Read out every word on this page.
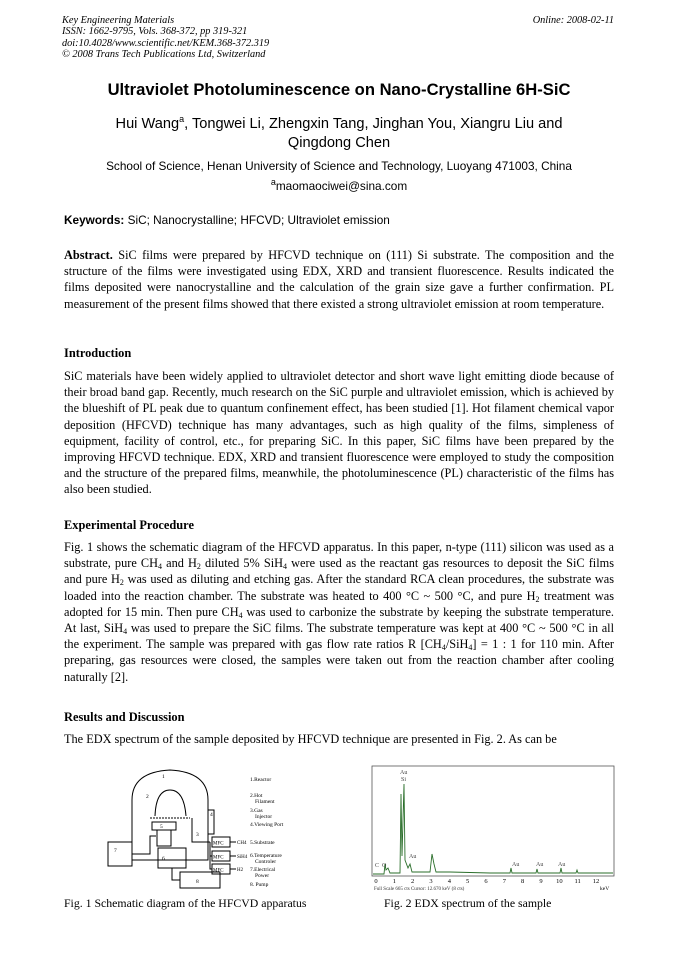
Key Engineering Materials
ISSN: 1662-9795, Vols. 368-372, pp 319-321
doi:10.4028/www.scientific.net/KEM.368-372.319
© 2008 Trans Tech Publications Ltd, Switzerland
Online: 2008-02-11
Ultraviolet Photoluminescence on Nano-Crystalline 6H-SiC
Hui Wang$^a$, Tongwei Li, Zhengxin Tang, Jinghan You, Xiangru Liu and
Qingdong Chen
School of Science, Henan University of Science and Technology, Luoyang 471003, China
$^a$maomaociwei@sina.com
Keywords: SiC; Nanocrystalline; HFCVD; Ultraviolet emission

Abstract. SiC films were prepared by HFCVD technique on (111) Si substrate. The composition and the structure of the films were investigated using EDX, XRD and transient fluorescence. Results indicated the films deposited were nanocrystalline and the calculation of the grain size gave a further confirmation. PL measurement of the present films showed that there existed a strong ultraviolet emission at room temperature.

Introduction

SiC materials have been widely applied to ultraviolet detector and short wave light emitting diode because of their broad band gap. Recently, much research on the SiC purple and ultraviolet emission, which is achieved by the blueshift of PL peak due to quantum confinement effect, has been studied [1]. Hot filament chemical vapor deposition (HFCVD) technique has many advantages, such as high quality of the films, simpleness of equipment, facility of control, etc., for preparing SiC. In this paper, SiC films have been prepared by the improving HFCVD technique. EDX, XRD and transient fluorescence were employed to study the composition and the structure of the prepared films, meanwhile, the photoluminescence (PL) characteristic of the films has also been studied.

Experimental Procedure

Fig. 1 shows the schematic diagram of the HFCVD apparatus. In this paper, n-type (111) silicon was used as a substrate, pure $CH_4$ and $H_2$ diluted 5% SiH$_4$ were used as the reactant gas resources to deposit the SiC films and pure $H_2$ was used as diluting and etching gas. After the standard RCA clean procedures, the substrate was loaded into the reaction chamber. The substrate was heated to 400 °C ~ 500 °C, and pure $H_2$ treatment was adopted for 15 min. Then pure $CH_4$ was used to carbonize the substrate by keeping the substrate temperature. At last, SiH$_4$ was used to prepare the SiC films. The substrate temperature was kept at 400 °C ~ 500 °C in all the experiment. The sample was prepared with gas flow rate ratios R $[CH_4/SiH_4] = 1$ : 1 for 110 min. After preparing, gas resources were closed, the samples were taken out from the reaction chamber after cooling naturally [2].

Results and Discussion

The EDX spectrum of the sample deposited by HFCVD technique are presented in Fig. 2. As can be

1
2
3
4
5
6
7
8
MFC
MFC
MFC
CH4
SiH4
H2
1.Reactor
2.Hot
Filament
3.Gas
Injector
4.Viewing Port
5.Substrate
6.Temperature
Controler
7.Electrical
Power
8. Pump
Fig. 1 Schematic diagram of the HFCVD apparatus
Au
Si
C O
Au
Au	Au Au
0 1 2 3 4 5 6 7 8 9 10 11 12
keV
Full Scale 665 cts Cursor: 12.670 keV (8 cts)
Fig. 2 EDX spectrum of the sample
